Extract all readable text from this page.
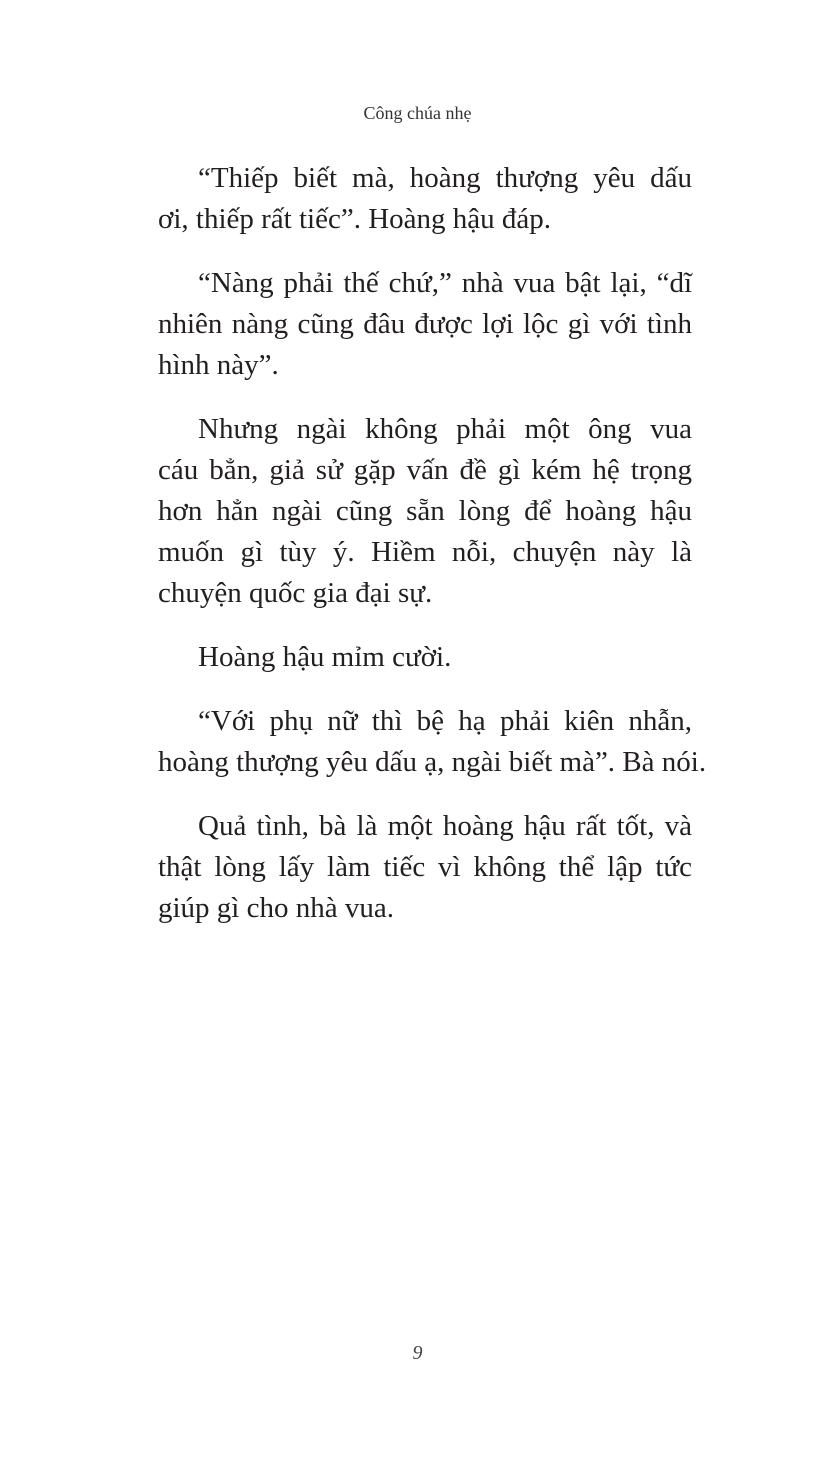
Công chúa nhẹ
“Thiếp biết mà, hoàng thượng yêu dấu
ơi, thiếp rất tiếc”. Hoàng hậu đáp.
“Nàng phải thế chứ,” nhà vua bật lại, “dĩ
nhiên nàng cũng đâu được lợi lộc gì với tình
hình này”.
Nhưng ngài không phải một ông vua
cáu bẳn, giả sử gặp vấn đề gì kém hệ trọng
hơn hẳn ngài cũng sẵn lòng để hoàng hậu
muốn gì tùy ý. Hiềm nỗi, chuyện này là
chuyện quốc gia đại sự.
Hoàng hậu mỉm cười.
“Với phụ nữ thì bệ hạ phải kiên nhẫn,
hoàng thượng yêu dấu ạ, ngài biết mà”. Bà nói.
Quả tình, bà là một hoàng hậu rất tốt, và
thật lòng lấy làm tiếc vì không thể lập tức
giúp gì cho nhà vua.
9
